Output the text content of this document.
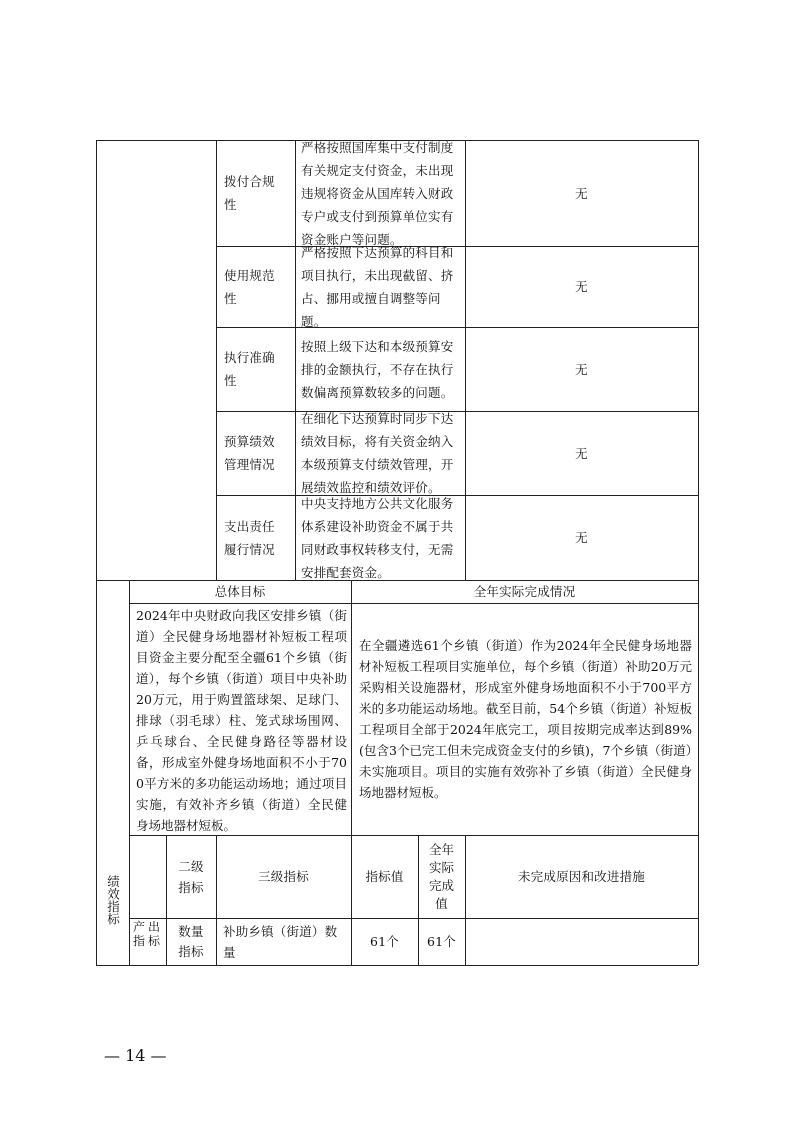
拨付合规性
严格按照国库集中支付制度有关规定支付资金，未出现违规将资金从国库转入财政专户或支付到预算单位实有资金账户等问题。
无
使用规范性
严格按照下达预算的科目和项目执行，未出现截留、挤占、挪用或擅自调整等问题。
无
执行准确性
按照上级下达和本级预算安排的金额执行，不存在执行数偏离预算数较多的问题。
无
预算绩效管理情况
在细化下达预算时同步下达绩效目标，将有关资金纳入本级预算支付绩效管理，开展绩效监控和绩效评价。
无
支出责任履行情况
中央支持地方公共文化服务体系建设补助资金不属于共同财政事权转移支付，无需安排配套资金。
无
总体目标	全年实际完成情况
2024年中央财政向我区安排乡镇（街道）全民健身场地器材补短板工程项目资金主要分配至全疆61个乡镇（街道），每个乡镇（街道）项目中央补助20万元，用于购置篮球架、足球门、排球（羽毛球）柱、笼式球场围网、乒乓球台、全民健身路径等器材设备，形成室外健身场地面积不小于700平方米的多功能运动场地；通过项目实施，有效补齐乡镇（街道）全民健身场地器材短板。
在全疆遴选61个乡镇（街道）作为2024年全民健身场地器材补短板工程项目实施单位，每个乡镇（街道）补助20万元采购相关设施器材，形成室外健身场地面积不小于700平方米的多功能运动场地。截至目前，54个乡镇（街道）补短板工程项目全部于2024年底完工，项目按期完成率达到89%(包含3个已完工但未完成资金支付的乡镇)，7个乡镇（街道）未实施项目。项目的实施有效弥补了乡镇（街道）全民健身场地器材短板。
绩效指标
二级指标
三级指标	指标值
全年实际完成值
未完成原因和改进措施
产出指标
数量指标
补助乡镇（街道）数量
61个 61个
— 14 —
